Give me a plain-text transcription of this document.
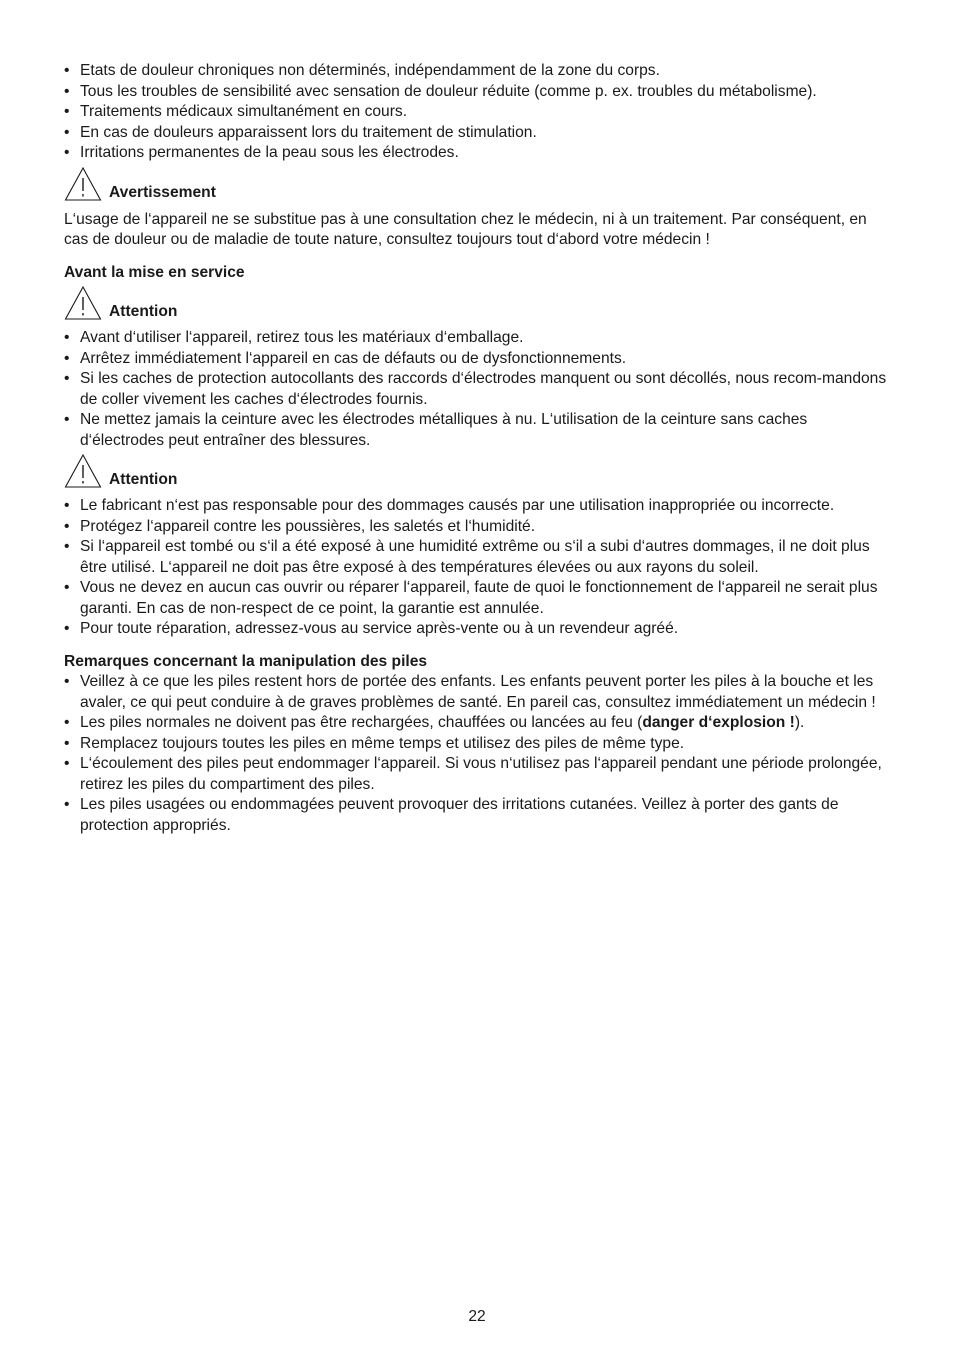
• Etats de douleur chroniques non déterminés, indépendamment de la zone du corps.
• Tous les troubles de sensibilité avec sensation de douleur réduite (comme p. ex. troubles du métabolisme).
• Traitements médicaux simultanément en cours.
• En cas de douleurs apparaissent lors du traitement de stimulation.
• Irritations permanentes de la peau sous les électrodes.
Avertissement

L‘usage de l‘appareil ne se substitue pas à une consultation chez le médecin, ni à un traitement. Par conséquent, en cas de douleur ou de maladie de toute nature, consultez toujours tout d‘abord votre médecin !

Avant la mise en service
Attention
• Avant d‘utiliser l‘appareil, retirez tous les matériaux d‘emballage.
• Arrêtez immédiatement l‘appareil en cas de défauts ou de dysfonctionnements.
• Si les caches de protection autocollants des raccords d‘électrodes manquent ou sont décollés, nous recom-mandons de coller vivement les caches d‘électrodes fournis.
• Ne mettez jamais la ceinture avec les électrodes métalliques à nu. L‘utilisation de la ceinture sans caches d‘électrodes peut entraîner des blessures.
Attention
• Le fabricant n‘est pas responsable pour des dommages causés par une utilisation inappropriée ou incorrecte.
• Protégez l‘appareil contre les poussières, les saletés et l‘humidité.
• Si l‘appareil est tombé ou s‘il a été exposé à une humidité extrême ou s‘il a subi d‘autres dommages, il ne doit plus être utilisé. L‘appareil ne doit pas être exposé à des températures élevées ou aux rayons du soleil.
• Vous ne devez en aucun cas ouvrir ou réparer l‘appareil, faute de quoi le fonctionnement de l‘appareil ne serait plus garanti. En cas de non-respect de ce point, la garantie est annulée.
• Pour toute réparation, adressez-vous au service après-vente ou à un revendeur agréé.
Remarques concernant la manipulation des piles
• Veillez à ce que les piles restent hors de portée des enfants. Les enfants peuvent porter les piles à la bouche et les avaler, ce qui peut conduire à de graves problèmes de santé. En pareil cas, consultez immédiatement un médecin !
• Les piles normales ne doivent pas être rechargées, chauffées ou lancées au feu (danger d‘explosion !).
• Remplacez toujours toutes les piles en même temps et utilisez des piles de même type.
• L‘écoulement des piles peut endommager l‘appareil. Si vous n‘utilisez pas l‘appareil pendant une période prolongée, retirez les piles du compartiment des piles.
• Les piles usagées ou endommagées peuvent provoquer des irritations cutanées. Veillez à porter des gants de protection appropriés.
22
